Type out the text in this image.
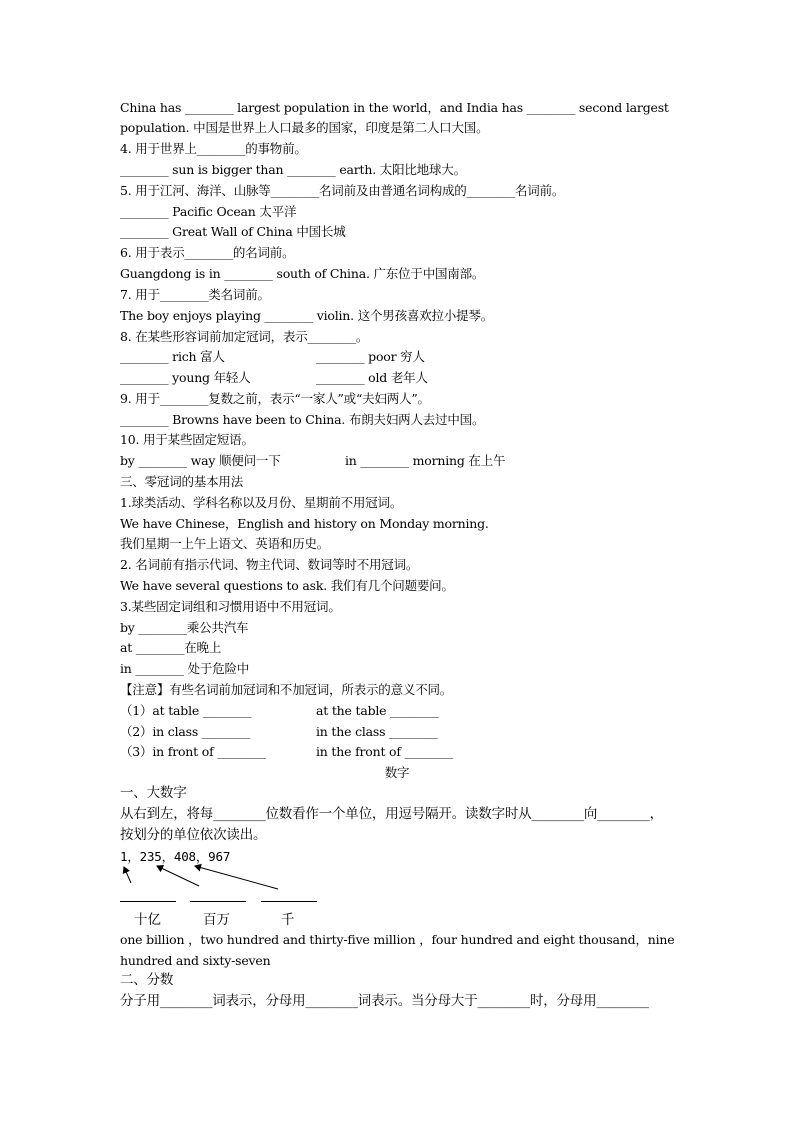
China has ________ largest population in the world，and India has ________ second largest
population. 中国是世界上人口最多的国家，印度是第二人口大国。
4. 用于世界上________的事物前。
________ sun is bigger than ________ earth. 太阳比地球大。
5. 用于江河、海洋、山脉等________名词前及由普通名词构成的________名词前。
________ Pacific Ocean 太平洋
________ Great Wall of China 中国长城
6. 用于表示________的名词前。
Guangdong is in ________ south of China. 广东位于中国南部。
7. 用于________类名词前。
The boy enjoys playing ________ violin. 这个男孩喜欢拉小提琴。
8. 在某些形容词前加定冠词，表示________。
________ rich 富人	________ poor 穷人
________ young 年轻人	________ old 老年人
9. 用于________复数之前，表示“一家人”或“夫妇两人”。
________ Browns have been to China. 布朗夫妇两人去过中国。
10. 用于某些固定短语。
by ________ way 顺便问一下	in ________ morning 在上午
三、零冠词的基本用法
1.球类活动、学科名称以及月份、星期前不用冠词。
We have Chinese，English and history on Monday morning.
我们星期一上午上语文、英语和历史。
2. 名词前有指示代词、物主代词、数词等时不用冠词。
We have several questions to ask. 我们有几个问题要问。
3.某些固定词组和习惯用语中不用冠词。
by ________乘公共汽车
at ________在晚上
in ________ 处于危险中
【注意】有些名词前加冠词和不加冠词，所表示的意义不同。
（1）at table ________	at the table ________
（2）in class ________	in the class ________
（3）in front of ________	in the front of ________
数字
一、大数字
从右到左，将每________位数看作一个单位，用逗号隔开。读数字时从________向________，
按划分的单位依次读出。
1，235，408，967
十亿	百万	千
one billion ，two hundred and thirty-five million ，four hundred and eight thousand，nine
hundred and sixty-seven
二、分数
分子用________词表示，分母用________词表示。当分母大于________时，分母用________
